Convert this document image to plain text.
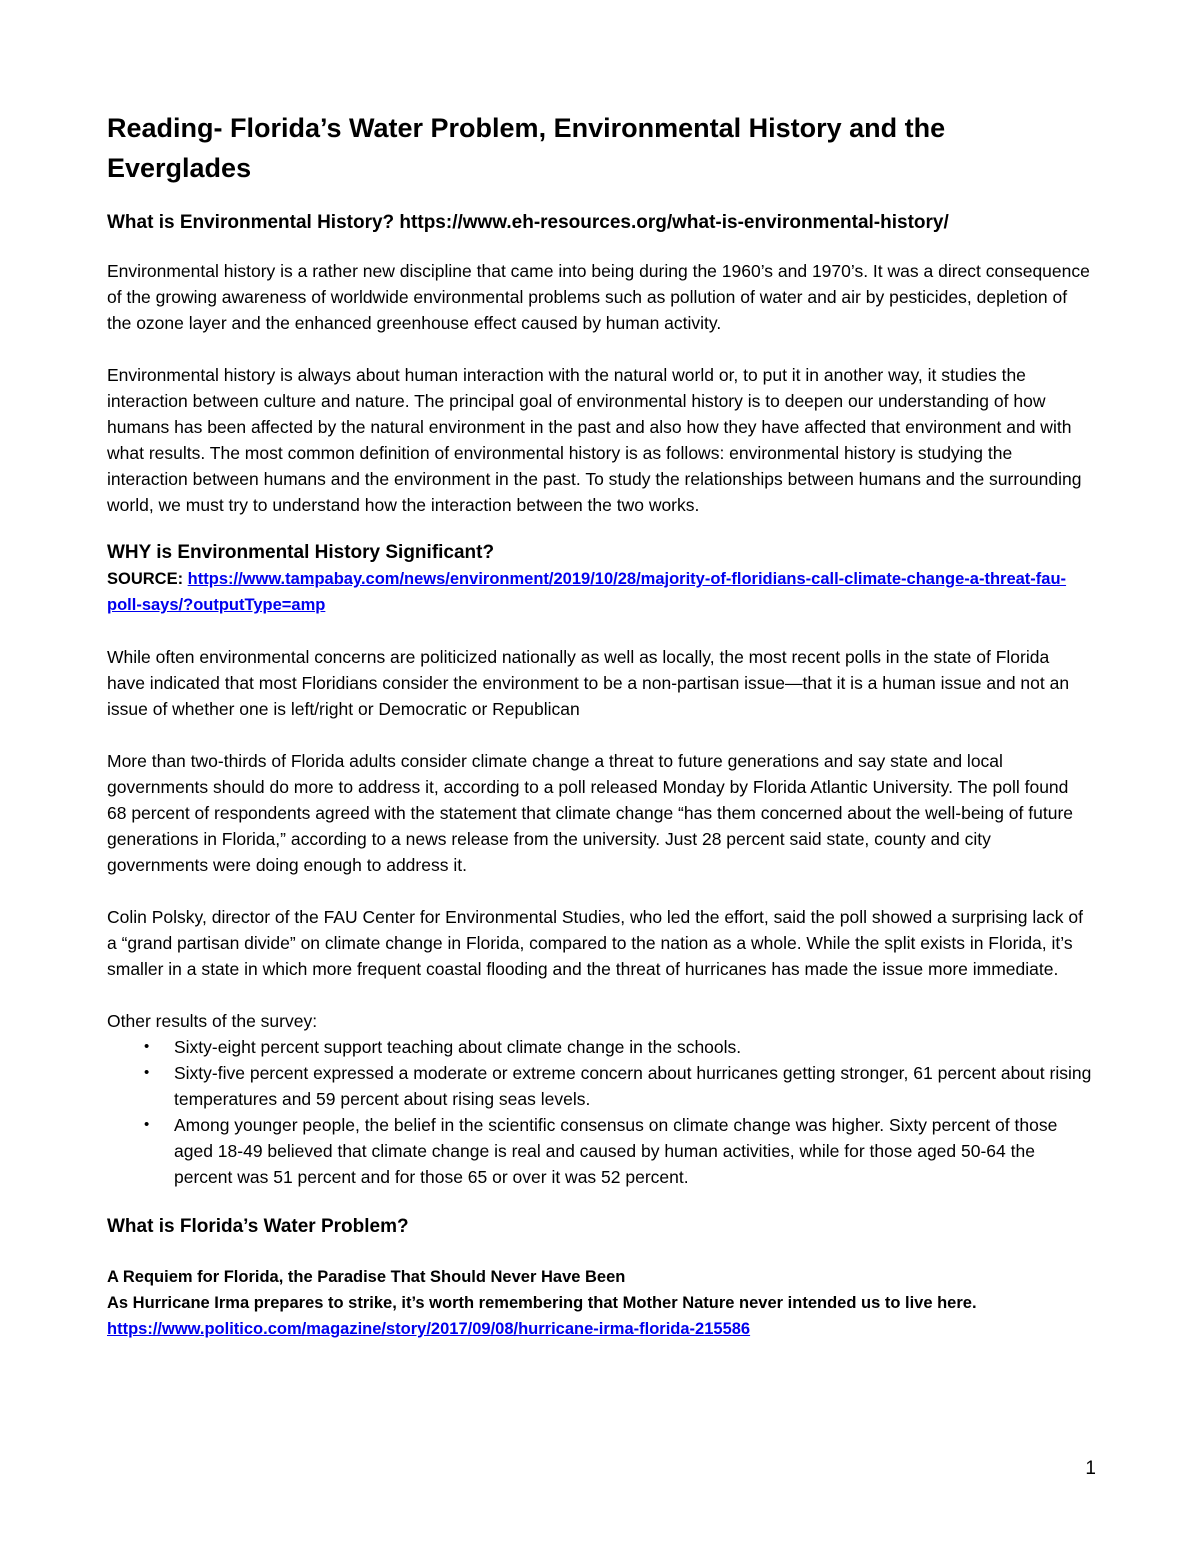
Reading- Florida’s Water Problem, Environmental History and the Everglades
What is Environmental History? https://www.eh-resources.org/what-is-environmental-history/

Environmental history is a rather new discipline that came into being during the 1960’s and 1970’s. It was a direct consequence of the growing awareness of worldwide environmental problems such as pollution of water and air by pesticides, depletion of the ozone layer and the enhanced greenhouse effect caused by human activity.

Environmental history is always about human interaction with the natural world or, to put it in another way, it studies the interaction between culture and nature. The principal goal of environmental history is to deepen our understanding of how humans has been affected by the natural environment in the past and also how they have affected that environment and with what results. The most common definition of environmental history is as follows: environmental history is studying the interaction between humans and the environment in the past. To study the relationships between humans and the surrounding world, we must try to understand how the interaction between the two works.

WHY is Environmental History Significant?

SOURCE: https://www.tampabay.com/news/environment/2019/10/28/majority-of-floridians-call-climate-change-a-threat-fau-poll-says/?outputType=amp

While often environmental concerns are politicized nationally as well as locally, the most recent polls in the state of Florida have indicated that most Floridians consider the environment to be a non-partisan issue—that it is a human issue and not an issue of whether one is left/right or Democratic or Republican

More than two-thirds of Florida adults consider climate change a threat to future generations and say state and local governments should do more to address it, according to a poll released Monday by Florida Atlantic University. The poll found 68 percent of respondents agreed with the statement that climate change “has them concerned about the well-being of future generations in Florida,” according to a news release from the university. Just 28 percent said state, county and city governments were doing enough to address it.

Colin Polsky, director of the FAU Center for Environmental Studies, who led the effort, said the poll showed a surprising lack of a “grand partisan divide” on climate change in Florida, compared to the nation as a whole. While the split exists in Florida, it’s smaller in a state in which more frequent coastal flooding and the threat of hurricanes has made the issue more immediate.

Other results of the survey:

• Sixty-eight percent support teaching about climate change in the schools.
• Sixty-five percent expressed a moderate or extreme concern about hurricanes getting stronger, 61 percent about rising temperatures and 59 percent about rising seas levels.
• Among younger people, the belief in the scientific consensus on climate change was higher. Sixty percent of those aged 18-49 believed that climate change is real and caused by human activities, while for those aged 50-64 the percent was 51 percent and for those 65 or over it was 52 percent.
What is Florida’s Water Problem?

A Requiem for Florida, the Paradise That Should Never Have Been

As Hurricane Irma prepares to strike, it’s worth remembering that Mother Nature never intended us to live here.

https://www.politico.com/magazine/story/2017/09/08/hurricane-irma-florida-215586

1
